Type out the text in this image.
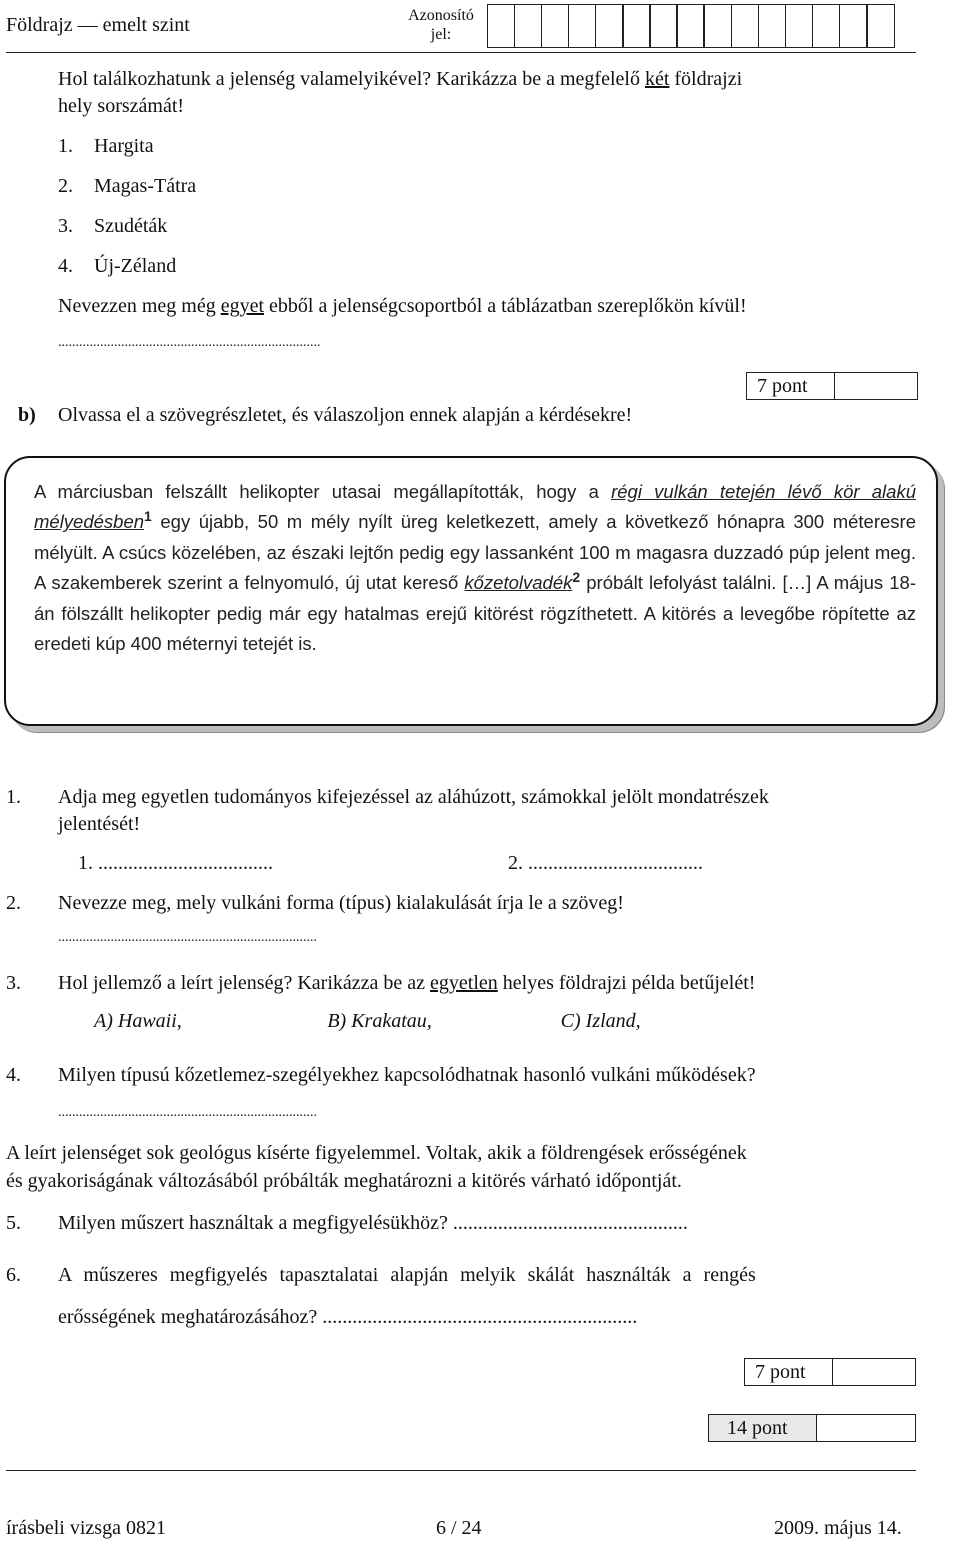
Földrajz — emelt szint	Azonosító jel:
Hol találkozhatunk a jelenség valamelyikével? Karikázza be a megfelelő két földrajzi
hely sorszámát!
1. Hargita
2. Magas-Tátra
3. Szudéták
4. Új-Zéland
Nevezzen meg még egyet ebből a jelenségcsoportból a táblázatban szereplőkön kívül!
...........................................................................
7 pont
b) Olvassa el a szövegrészletet, és válaszoljon ennek alapján a kérdésekre!
A márciusban felszállt helikopter utasai megállapították, hogy a régi vulkán tetején lévő kör alakú mélyedésben$^1$ egy újabb, 50 m mély nyílt üreg keletkezett, amely a következő hónapra 300 méteresre mélyült. A csúcs közelében, az északi lejtőn pedig egy lassanként 100 m magasra duzzadó púp jelent meg. A szakemberek szerint a felnyomuló, új utat kereső kőzetolvadék$^2$ próbált lefolyást találni. […] A május 18-án fölszállt helikopter pedig már egy hatalmas erejű kitörést rögzíthetett. A kitörés a levegőbe röpítette az eredeti kúp 400 méternyi tetejét is.
1. Adja meg egyetlen tudományos kifejezéssel az aláhúzott, számokkal jelölt mondatrészek
jelentését!
1. ...................................	2. ...................................
2. Nevezze meg, mely vulkáni forma (típus) kialakulását írja le a szöveg!
..........................................................................
3. Hol jellemző a leírt jelenség? Karikázza be az egyetlen helyes földrajzi példa betűjelét!
A) Hawaii,	B) Krakatau,	C) Izland,
4. Milyen típusú kőzetlemez-szegélyekhez kapcsolódhatnak hasonló vulkáni működések?
..........................................................................
A leírt jelenséget sok geológus kísérte figyelemmel. Voltak, akik a földrengések erősségének
és gyakoriságának változásából próbálták meghatározni a kitörés várható időpontját.
5. Milyen műszert használtak a megfigyelésükhöz? ...............................................
6. A műszeres megfigyelés tapasztalatai alapján melyik skálát használták a rengés
erősségének meghatározásához? ...............................................................
7 pont
14 pont
írásbeli vizsga 0821	6 / 24	2009. május 14.
